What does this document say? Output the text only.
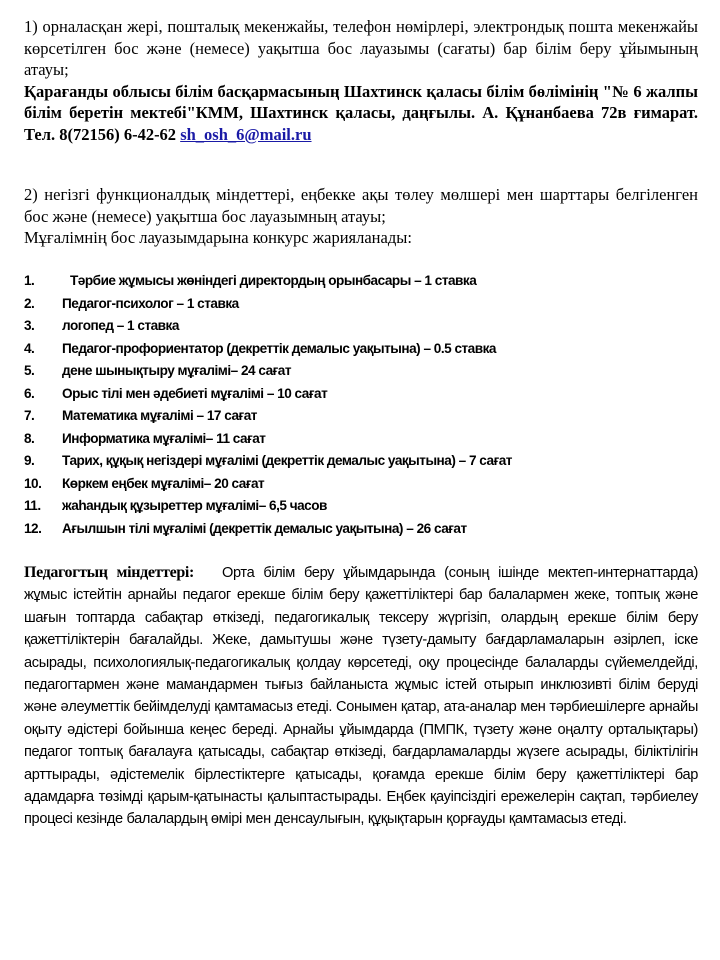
1) орналасқан жері, пошталық мекенжайы, телефон нөмірлері, электрондық пошта мекенжайы көрсетілген бос және (немесе) уақытша бос лауазымы (сағаты) бар білім беру ұйымының атауы;
Қарағанды облысы білім басқармасының Шахтинск қаласы білім бөлімінің "№ 6 жалпы білім беретін мектебі"КММ, Шахтинск қаласы, даңғылы. А. Құнанбаева 72в ғимарат. Тел. 8(72156) 6-42-62 sh_osh_6@mail.ru
2) негізгі функционалдық міндеттері, еңбекке ақы төлеу мөлшері мен шарттары белгіленген бос және (немесе) уақытша бос лауазымның атауы;
Мұғалімнің бос лауазымдарына конкурс жарияланады:
1.	Тәрбие жұмысы жөніндегі директордың орынбасары – 1 ставка
2.	Педагог-психолог – 1 ставка
3.	логопед – 1 ставка
4.	Педагог-профориентатор (декреттік демалыс уақытына) – 0.5 ставка
5.	дене шынықтыру мұғалімі– 24 сағат
6.	Орыс тілі мен әдебиеті мұғалімі – 10 сағат
7.	Математика мұғалімі – 17 сағат
8.	Информатика мұғалімі– 11 сағат
9.	Тарих, құқық негіздері мұғалімі (декреттік демалыс уақытына) – 7 сағат
10.	Көркем еңбек мұғалімі– 20 сағат
11.	жаһандық құзыреттер мұғалімі– 6,5 часов
12.	Ағылшын тілі мұғалімі (декреттік демалыс уақытына) – 26 сағат
Педагогтың міндеттері: Орта білім беру ұйымдарында (соның ішінде мектеп-интернаттарда) жұмыс істейтін арнайы педагог ерекше білім беру қажеттіліктері бар балалармен жеке, топтық және шағын топтарда сабақтар өткізеді, педагогикалық тексеру жүргізіп, олардың ерекше білім беру қажеттіліктерін бағалайды. Жеке, дамытушы және түзету-дамыту бағдарламаларын әзірлеп, іске асырады, психологиялық-педагогикалық қолдау көрсетеді, оқу процесінде балаларды сүйемелдейді, педагогтармен және мамандармен тығыз байланыста жұмыс істей отырып инклюзивті білім беруді және әлеуметтік бейімделуді қамтамасыз етеді. Сонымен қатар, ата-аналар мен тәрбиешілерге арнайы оқыту әдістері бойынша кеңес береді. Арнайы ұйымдарда (ПМПК, түзету және оңалту орталықтары) педагог топтық бағалауға қатысады, сабақтар өткізеді, бағдарламаларды жүзеге асырады, біліктілігін арттырады, әдістемелік бірлестіктерге қатысады, қоғамда ерекше білім беру қажеттіліктері бар адамдарға төзімді қарым-қатынасты қалыптастырады. Еңбек қауіпсіздігі ережелерін сақтап, тәрбиелеу процесі кезінде балалардың өмірі мен денсаулығын, құқықтарын қорғауды қамтамасыз етеді.
